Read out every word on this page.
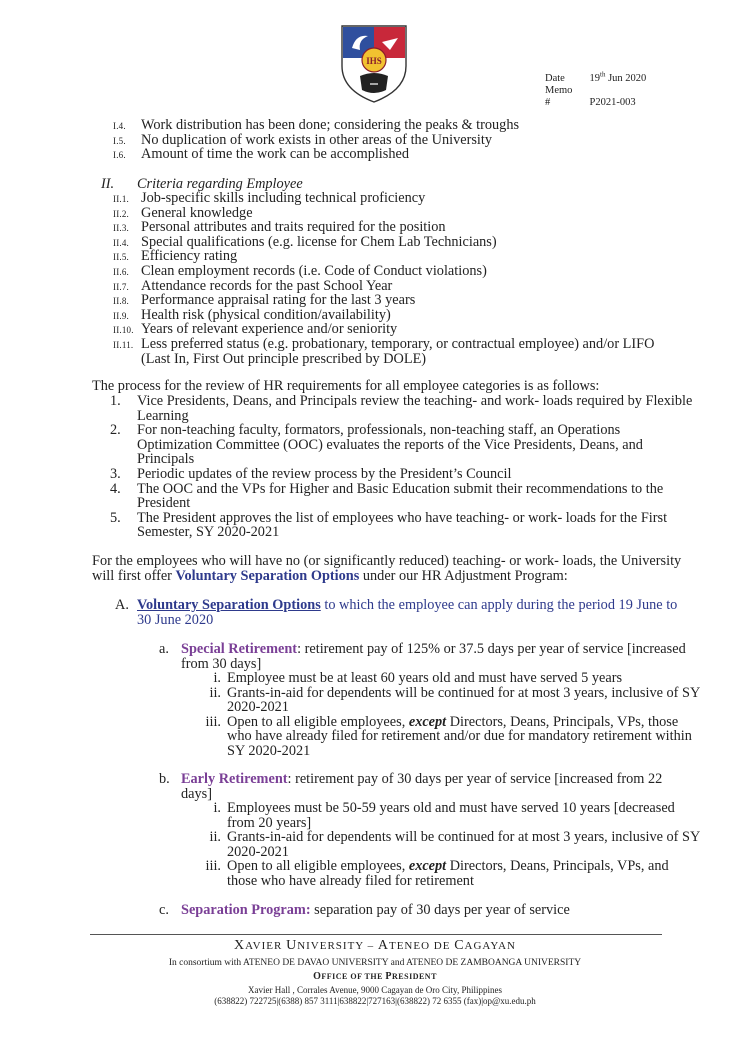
IHS
Date 19th Jun 2020
Memo #	P2021-003
I.4. Work distribution has been done; considering the peaks & troughs
I.5. No duplication of work exists in other areas of the University
I.6. Amount of time the work can be accomplished
II. Criteria regarding Employee
II.1. Job-specific skills including technical proficiency
II.2. General knowledge
II.3. Personal attributes and traits required for the position
II.4. Special qualifications (e.g. license for Chem Lab Technicians)
II.5. Efficiency rating
II.6. Clean employment records (i.e. Code of Conduct violations)
II.7. Attendance records for the past School Year
II.8. Performance appraisal rating for the last 3 years
II.9. Health risk (physical condition/availability)
II.10. Years of relevant experience and/or seniority
II.11. Less preferred status (e.g. probationary, temporary, or contractual employee) and/or LIFO
(Last In, First Out principle prescribed by DOLE)
The process for the review of HR requirements for all employee categories is as follows:
1. Vice Presidents, Deans, and Principals review the teaching- and work- loads required by Flexible Learning
2. For non-teaching faculty, formators, professionals, non-teaching staff, an Operations Optimization Committee (OOC) evaluates the reports of the Vice Presidents, Deans, and Principals
3. Periodic updates of the review process by the President’s Council
4. The OOC and the VPs for Higher and Basic Education submit their recommendations to the President
5. The President approves the list of employees who have teaching- or work- loads for the First Semester, SY 2020-2021
For the employees who will have no (or significantly reduced) teaching- or work- loads, the University will first offer Voluntary Separation Options under our HR Adjustment Program:
A. Voluntary Separation Options to which the employee can apply during the period 19 June to 30 June 2020
a. Special Retirement: retirement pay of 125% or 37.5 days per year of service [increased from 30 days]
i. Employee must be at least 60 years old and must have served 5 years
ii. Grants-in-aid for dependents will be continued for at most 3 years, inclusive of SY 2020-2021
iii. Open to all eligible employees, except Directors, Deans, Principals, VPs, those who have already filed for retirement and/or due for mandatory retirement within SY 2020-2021
b. Early Retirement: retirement pay of 30 days per year of service [increased from 22 days]
i. Employees must be 50-59 years old and must have served 10 years [decreased from 20 years]
ii. Grants-in-aid for dependents will be continued for at most 3 years, inclusive of SY 2020-2021
iii. Open to all eligible employees, except Directors, Deans, Principals, VPs, and those who have already filed for retirement
c. Separation Program: separation pay of 30 days per year of service
XAVIER UNIVERSITY – ATENEO DE CAGAYAN
In consortium with ATENEO DE DAVAO UNIVERSITY and ATENEO DE ZAMBOANGA UNIVERSITY
OFFICE OF THE PRESIDENT
Xavier Hall , Corrales Avenue, 9000 Cagayan de Oro City, Philippines
(638822) 722725|(6388) 857 3111|638822|727163|(638822) 72 6355 (fax)|op@xu.edu.ph
